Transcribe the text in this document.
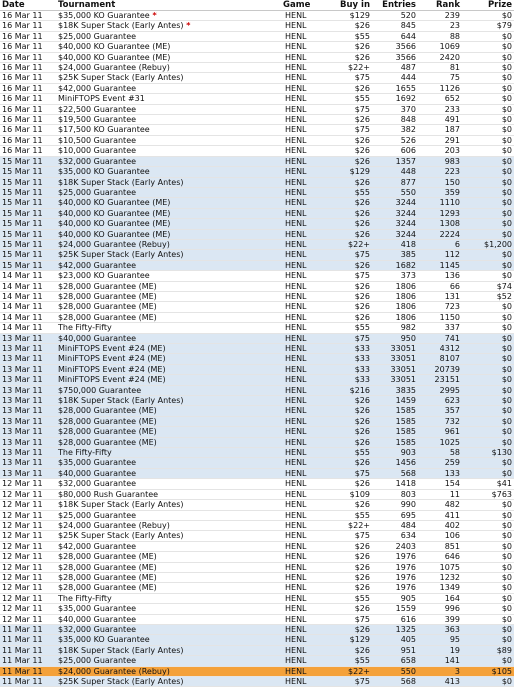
Date	Tournament	Game	Buy in	Entries	Rank	Prize
16 Mar 11	$35,000 KO Guarantee *	HENL	$129	520	239	$0
16 Mar 11	$18K Super Stack (Early Antes) *	HENL	$26	845	23	$79
16 Mar 11	$25,000 Guarantee	HENL	$55	644	88	$0
16 Mar 11	$40,000 KO Guarantee (ME)	HENL	$26	3566	1069	$0
16 Mar 11	$40,000 KO Guarantee (ME)	HENL	$26	3566	2420	$0
16 Mar 11	$24,000 Guarantee (Rebuy)	HENL	$22+	487	81	$0
16 Mar 11	$25K Super Stack (Early Antes)	HENL	$75	444	75	$0
16 Mar 11	$42,000 Guarantee	HENL	$26	1655	1126	$0
16 Mar 11	MiniFTOPS Event #31	HENL	$55	1692	652	$0
16 Mar 11	$22,500 Guarantee	HENL	$75	370	233	$0
16 Mar 11	$19,500 Guarantee	HENL	$26	848	491	$0
16 Mar 11	$17,500 KO Guarantee	HENL	$75	382	187	$0
16 Mar 11	$10,500 Guarantee	HENL	$26	526	291	$0
16 Mar 11	$10,000 Guarantee	HENL	$26	606	203	$0
15 Mar 11	$32,000 Guarantee	HENL	$26	1357	983	$0
15 Mar 11	$35,000 KO Guarantee	HENL	$129	448	223	$0
15 Mar 11	$18K Super Stack (Early Antes)	HENL	$26	877	150	$0
15 Mar 11	$25,000 Guarantee	HENL	$55	550	359	$0
15 Mar 11	$40,000 KO Guarantee (ME)	HENL	$26	3244	1110	$0
15 Mar 11	$40,000 KO Guarantee (ME)	HENL	$26	3244	1293	$0
15 Mar 11	$40,000 KO Guarantee (ME)	HENL	$26	3244	1308	$0
15 Mar 11	$40,000 KO Guarantee (ME)	HENL	$26	3244	2224	$0
15 Mar 11	$24,000 Guarantee (Rebuy)	HENL	$22+	418	6	$1,200
15 Mar 11	$25K Super Stack (Early Antes)	HENL	$75	385	112	$0
15 Mar 11	$42,000 Guarantee	HENL	$26	1682	1145	$0
14 Mar 11	$23,000 KO Guarantee	HENL	$75	373	136	$0
14 Mar 11	$28,000 Guarantee (ME)	HENL	$26	1806	66	$74
14 Mar 11	$28,000 Guarantee (ME)	HENL	$26	1806	131	$52
14 Mar 11	$28,000 Guarantee (ME)	HENL	$26	1806	723	$0
14 Mar 11	$28,000 Guarantee (ME)	HENL	$26	1806	1150	$0
14 Mar 11	The Fifty-Fifty	HENL	$55	982	337	$0
13 Mar 11	$40,000 Guarantee	HENL	$75	950	741	$0
13 Mar 11	MiniFTOPS Event #24 (ME)	HENL	$33	33051	4312	$0
13 Mar 11	MiniFTOPS Event #24 (ME)	HENL	$33	33051	8107	$0
13 Mar 11	MiniFTOPS Event #24 (ME)	HENL	$33	33051	20739	$0
13 Mar 11	MiniFTOPS Event #24 (ME)	HENL	$33	33051	23151	$0
13 Mar 11	$750,000 Guarantee	HENL	$216	3835	2995	$0
13 Mar 11	$18K Super Stack (Early Antes)	HENL	$26	1459	623	$0
13 Mar 11	$28,000 Guarantee (ME)	HENL	$26	1585	357	$0
13 Mar 11	$28,000 Guarantee (ME)	HENL	$26	1585	732	$0
13 Mar 11	$28,000 Guarantee (ME)	HENL	$26	1585	961	$0
13 Mar 11	$28,000 Guarantee (ME)	HENL	$26	1585	1025	$0
13 Mar 11	The Fifty-Fifty	HENL	$55	903	58	$130
13 Mar 11	$35,000 Guarantee	HENL	$26	1456	259	$0
13 Mar 11	$40,000 Guarantee	HENL	$75	568	133	$0
12 Mar 11	$32,000 Guarantee	HENL	$26	1418	154	$41
12 Mar 11	$80,000 Rush Guarantee	HENL	$109	803	11	$763
12 Mar 11	$18K Super Stack (Early Antes)	HENL	$26	990	482	$0
12 Mar 11	$25,000 Guarantee	HENL	$55	695	411	$0
12 Mar 11	$24,000 Guarantee (Rebuy)	HENL	$22+	484	402	$0
12 Mar 11	$25K Super Stack (Early Antes)	HENL	$75	634	106	$0
12 Mar 11	$42,000 Guarantee	HENL	$26	2403	851	$0
12 Mar 11	$28,000 Guarantee (ME)	HENL	$26	1976	646	$0
12 Mar 11	$28,000 Guarantee (ME)	HENL	$26	1976	1075	$0
12 Mar 11	$28,000 Guarantee (ME)	HENL	$26	1976	1232	$0
12 Mar 11	$28,000 Guarantee (ME)	HENL	$26	1976	1349	$0
12 Mar 11	The Fifty-Fifty	HENL	$55	905	164	$0
12 Mar 11	$35,000 Guarantee	HENL	$26	1559	996	$0
12 Mar 11	$40,000 Guarantee	HENL	$75	616	399	$0
11 Mar 11	$32,000 Guarantee	HENL	$26	1325	363	$0
11 Mar 11	$35,000 KO Guarantee	HENL	$129	405	95	$0
11 Mar 11	$18K Super Stack (Early Antes)	HENL	$26	951	19	$89
11 Mar 11	$25,000 Guarantee	HENL	$55	658	141	$0
11 Mar 11	$24,000 Guarantee (Rebuy)	HENL	$22+	550	3	$105
11 Mar 11	$25K Super Stack (Early Antes)	HENL	$75	568	413	$0
